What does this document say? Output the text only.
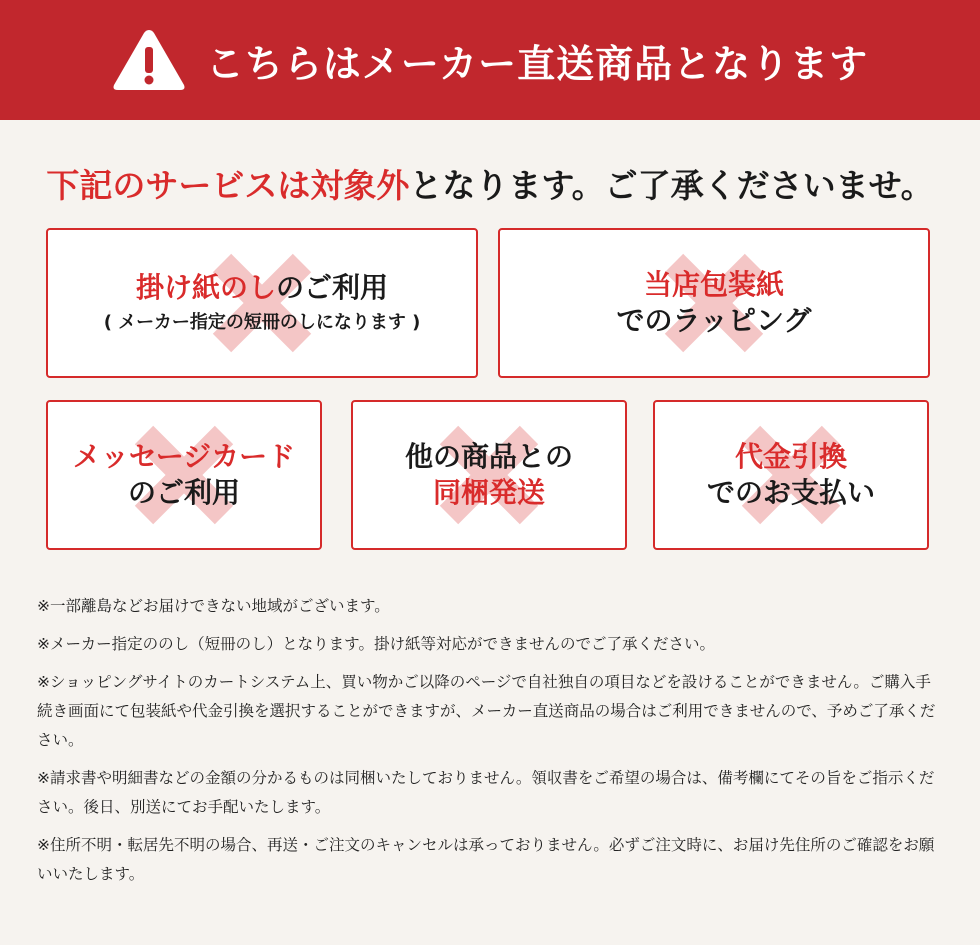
こちらはメーカー直送商品となります
下記のサービスは対象外となります。ご了承くださいませ。
掛け紙のしのご利用
( メーカー指定の短冊のしになります )
当店包装紙
でのラッピング
メッセージカード
のご利用
他の商品との
同梱発送
代金引換
でのお支払い

※一部離島などお届けできない地域がございます。

※メーカー指定ののし（短冊のし）となります。掛け紙等対応ができませんのでご了承ください。

※ショッピングサイトのカートシステム上、買い物かご以降のページで自社独自の項目などを設けることができません。ご購入手続き画面にて包装紙や代金引換を選択することができますが、メーカー直送商品の場合はご利用できませんので、予めご了承ください。

※請求書や明細書などの金額の分かるものは同梱いたしておりません。領収書をご希望の場合は、備考欄にてその旨をご指示ください。後日、別送にてお手配いたします。

※住所不明・転居先不明の場合、再送・ご注文のキャンセルは承っておりません。必ずご注文時に、お届け先住所のご確認をお願いいたします。
